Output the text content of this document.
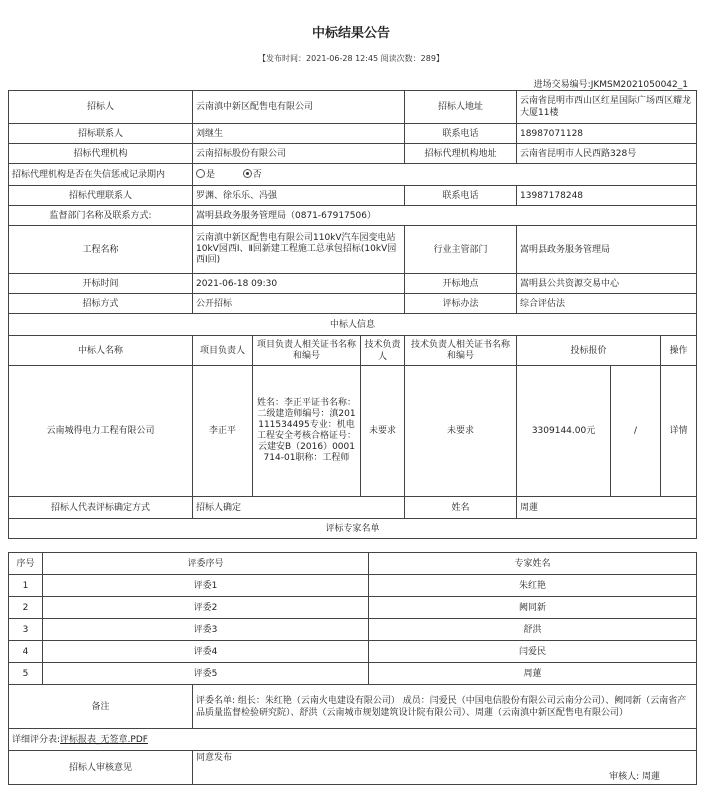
中标结果公告
【发布时间：2021-06-28 12:45 阅读次数：289】
进场交易编号:JKMSM2021050042_1
招标人	云南滇中新区配售电有限公司			招标人地址	云南省昆明市西山区红星国际广场西区耀龙大厦11楼		
招标联系人	刘继生			联系电话	18987071128		
招标代理机构	云南招标股份有限公司			招标代理机构地址	云南省昆明市人民西路328号		
招标代理机构是否在失信惩戒记录期内	是 否						
招标代理联系人	罗渊、徐乐乐、冯强			联系电话	13987178248		
监督部门名称及联系方式:	嵩明县政务服务管理局（0871-67917506）						
工程名称	云南滇中新区配售电有限公司110kV汽车园变电站10kV园西Ⅰ、Ⅱ回新建工程施工总承包招标(10kV园西Ⅰ回)			行业主管部门	嵩明县政务服务管理局		
开标时间	2021-06-18 09:30			开标地点	嵩明县公共资源交易中心		
招标方式	公开招标			评标办法	综合评估法		
中标人信息							
中标人名称	项目负责人	项目负责人相关证书名称和编号	技术负责人	技术负责人相关证书名称和编号	投标报价		操作
云南城得电力工程有限公司	李正平	姓名：李正平证书名称：二级建造师编号：滇201111534495专业：机电工程安全考核合格证号：云建安B（2016）0001714-01职称：工程师	未要求	未要求	3309144.00元	/	详情
招标人代表评标确定方式	招标人确定			姓名	周蓮		
评标专家名单							
序号	评委序号	专家姓名
1	评委1	朱红艳
2	评委2	阙同新
3	评委3	舒洪
4	评委4	闫爱民
5	评委5	周蓮
备注	评委名单: 组长：朱红艳（云南火电建设有限公司） 成员：闫爱民（中国电信股份有限公司云南分公司）、阙同新（云南省产品质量监督检验研究院）、舒洪（云南城市规划建筑设计院有限公司）、周蓮（云南滇中新区配售电有限公司）
详细评分表:评标报表_无签章.PDF	
招标人审核意见	同意发布
审核人: 周蓮
